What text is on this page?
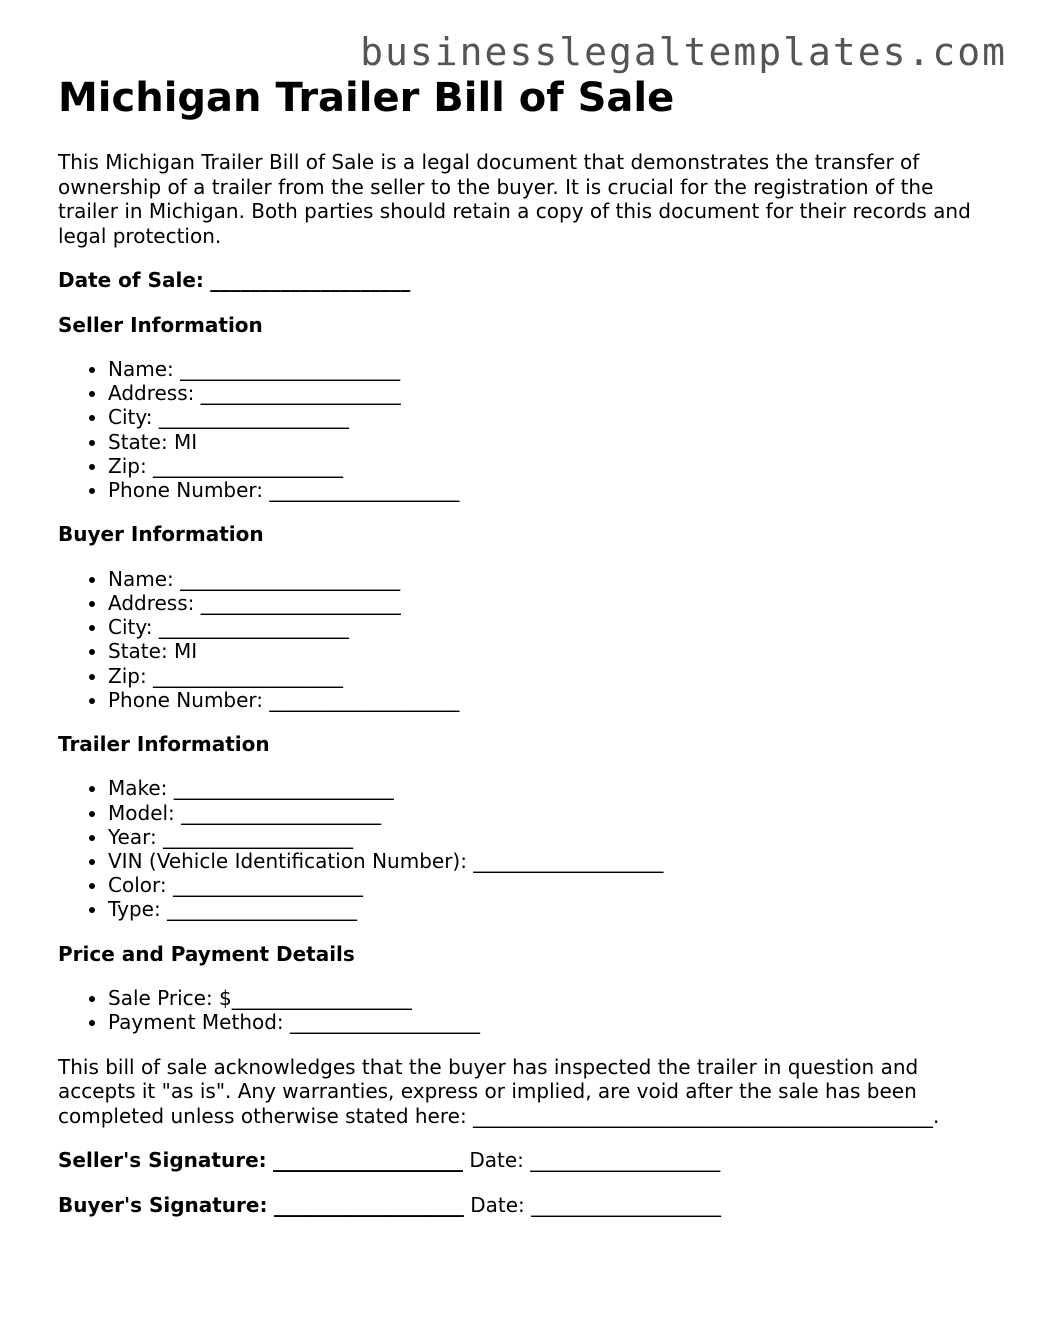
businesslegaltemplates.com
Michigan Trailer Bill of Sale

This Michigan Trailer Bill of Sale is a legal document that demonstrates the transfer of ownership of a trailer from the seller to the buyer. It is crucial for the registration of the trailer in Michigan. Both parties should retain a copy of this document for their records and legal protection.

Date of Sale: ____________________
Seller Information
• Name: ______________________
• Address: ____________________
• City: ___________________
• State: MI
• Zip: ___________________
• Phone Number: ___________________
Buyer Information
• Name: ______________________
• Address: ____________________
• City: ___________________
• State: MI
• Zip: ___________________
• Phone Number: ___________________
Trailer Information
• Make: ______________________
• Model: ____________________
• Year: ___________________
• VIN (Vehicle Identification Number): ___________________
• Color: ___________________
• Type: ___________________
Price and Payment Details
• Sale Price: $__________________
• Payment Method: ___________________

This bill of sale acknowledges that the buyer has inspected the trailer in question and accepts it "as is". Any warranties, express or implied, are void after the sale has been completed unless otherwise stated here: ______________________________________________.

Seller's Signature: ___________________ Date: ___________________
Buyer's Signature: ___________________ Date: ___________________
